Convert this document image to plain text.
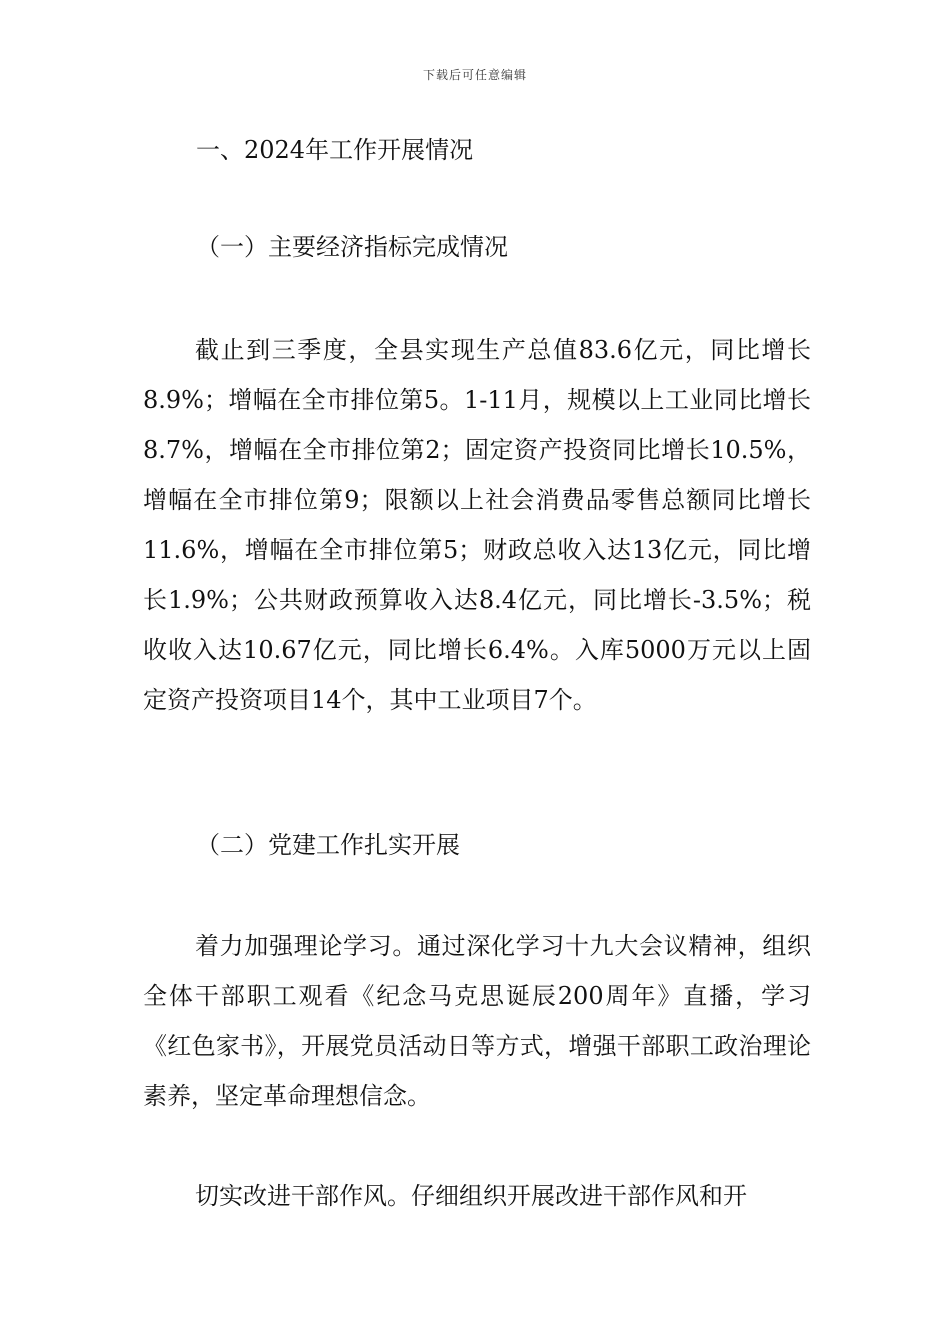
下载后可任意编辑
一、2024年工作开展情况
（一）主要经济指标完成情况

截止到三季度，全县实现生产总值83.6亿元，同比增长8.9%；增幅在全市排位第5。1-11月，规模以上工业同比增长8.7%，增幅在全市排位第2；固定资产投资同比增长10.5%，增幅在全市排位第9；限额以上社会消费品零售总额同比增长11.6%，增幅在全市排位第5；财政总收入达13亿元，同比增长1.9%；公共财政预算收入达8.4亿元，同比增长-3.5%；税收收入达10.67亿元，同比增长6.4%。入库5000万元以上固定资产投资项目14个，其中工业项目7个。

（二）党建工作扎实开展

着力加强理论学习。通过深化学习十九大会议精神，组织全体干部职工观看《纪念马克思诞辰200周年》直播，学习《红色家书》，开展党员活动日等方式，增强干部职工政治理论素养，坚定革命理想信念。

切实改进干部作风。仔细组织开展改进干部作风和开
